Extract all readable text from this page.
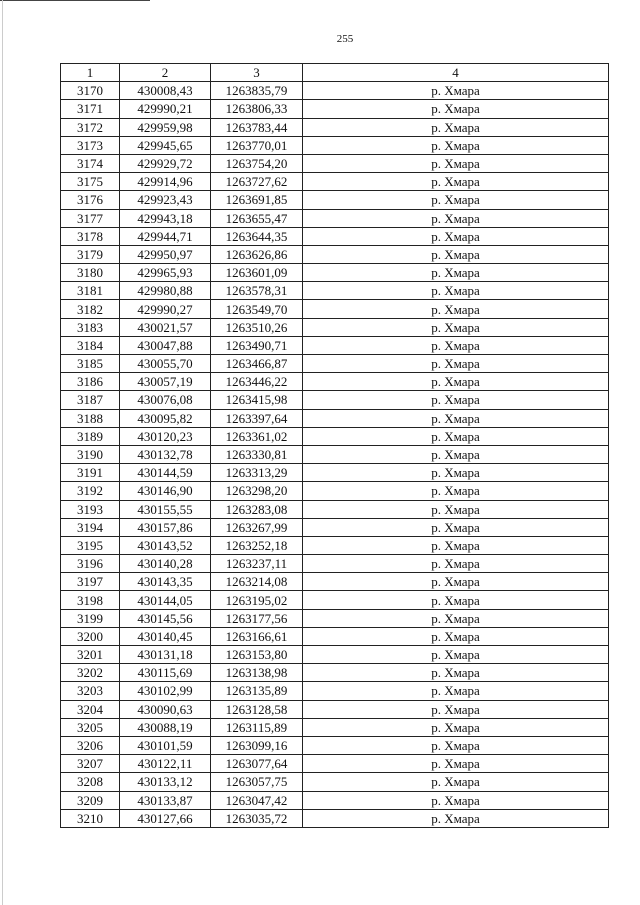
255
1	2	3	4
3170	430008,43	1263835,79	р. Хмара
3171	429990,21	1263806,33	р. Хмара
3172	429959,98	1263783,44	р. Хмара
3173	429945,65	1263770,01	р. Хмара
3174	429929,72	1263754,20	р. Хмара
3175	429914,96	1263727,62	р. Хмара
3176	429923,43	1263691,85	р. Хмара
3177	429943,18	1263655,47	р. Хмара
3178	429944,71	1263644,35	р. Хмара
3179	429950,97	1263626,86	р. Хмара
3180	429965,93	1263601,09	р. Хмара
3181	429980,88	1263578,31	р. Хмара
3182	429990,27	1263549,70	р. Хмара
3183	430021,57	1263510,26	р. Хмара
3184	430047,88	1263490,71	р. Хмара
3185	430055,70	1263466,87	р. Хмара
3186	430057,19	1263446,22	р. Хмара
3187	430076,08	1263415,98	р. Хмара
3188	430095,82	1263397,64	р. Хмара
3189	430120,23	1263361,02	р. Хмара
3190	430132,78	1263330,81	р. Хмара
3191	430144,59	1263313,29	р. Хмара
3192	430146,90	1263298,20	р. Хмара
3193	430155,55	1263283,08	р. Хмара
3194	430157,86	1263267,99	р. Хмара
3195	430143,52	1263252,18	р. Хмара
3196	430140,28	1263237,11	р. Хмара
3197	430143,35	1263214,08	р. Хмара
3198	430144,05	1263195,02	р. Хмара
3199	430145,56	1263177,56	р. Хмара
3200	430140,45	1263166,61	р. Хмара
3201	430131,18	1263153,80	р. Хмара
3202	430115,69	1263138,98	р. Хмара
3203	430102,99	1263135,89	р. Хмара
3204	430090,63	1263128,58	р. Хмара
3205	430088,19	1263115,89	р. Хмара
3206	430101,59	1263099,16	р. Хмара
3207	430122,11	1263077,64	р. Хмара
3208	430133,12	1263057,75	р. Хмара
3209	430133,87	1263047,42	р. Хмара
3210	430127,66	1263035,72	р. Хмара
